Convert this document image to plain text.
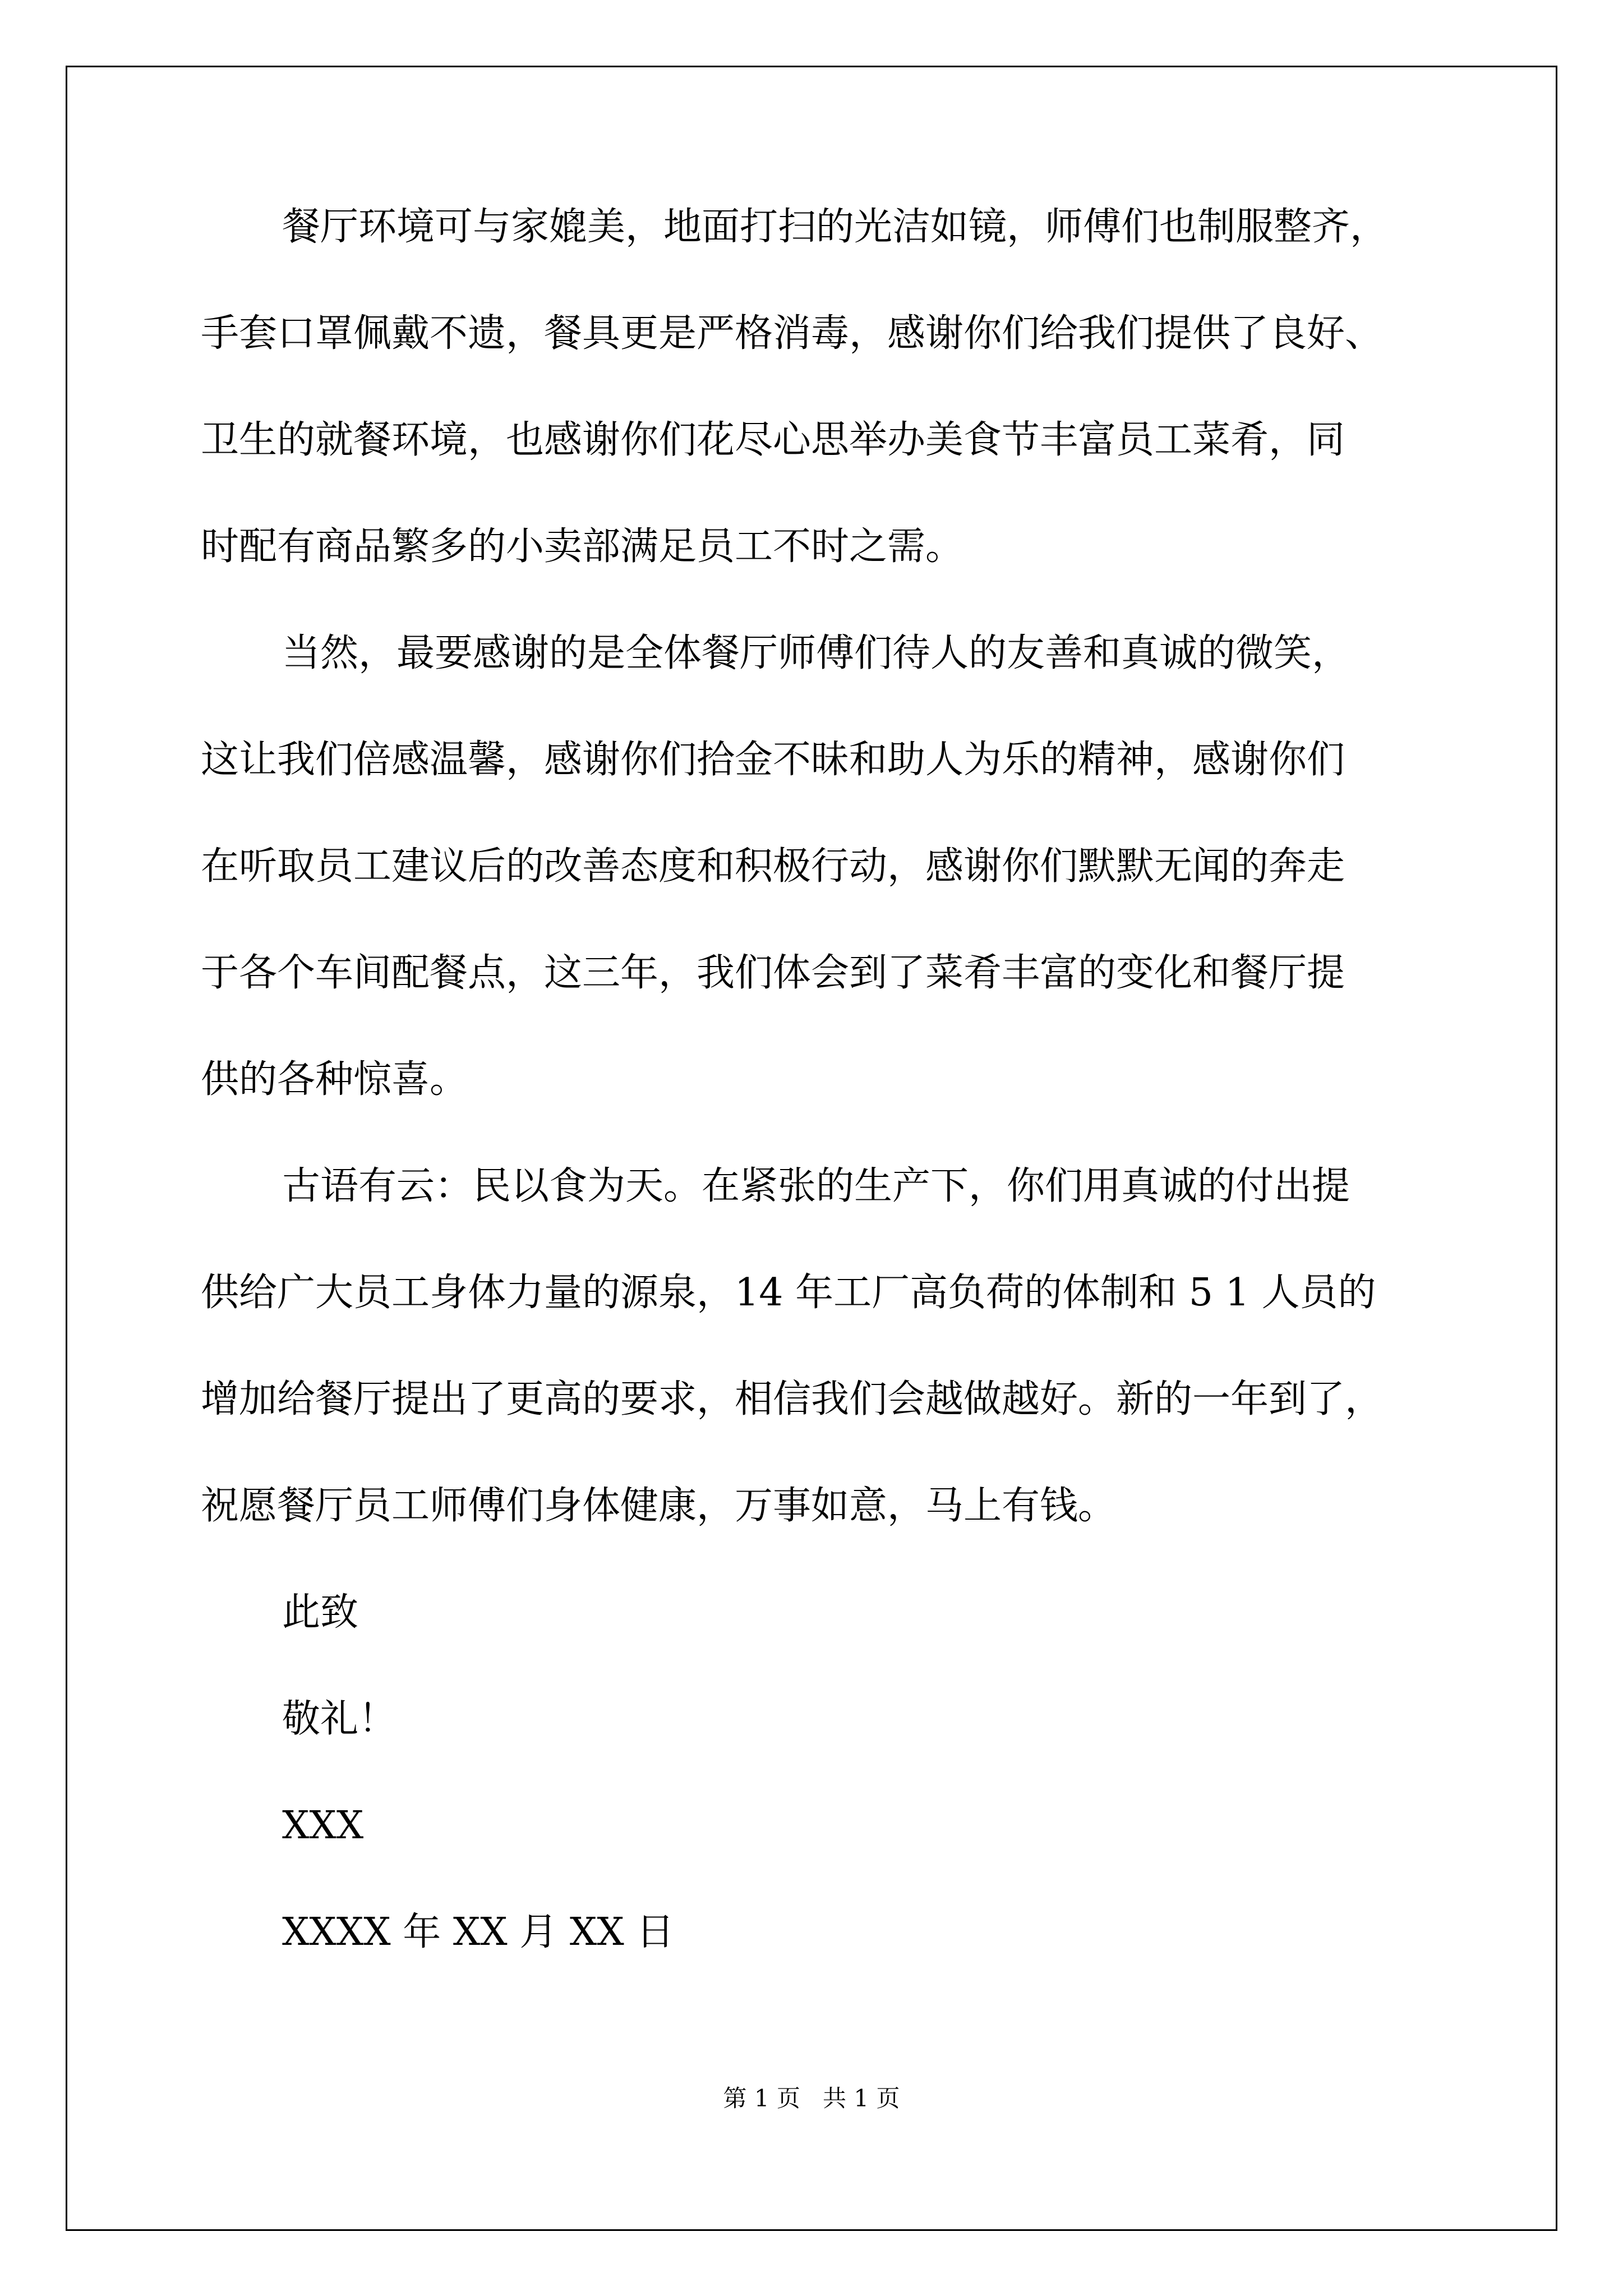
餐厅环境可与家媲美，地面打扫的光洁如镜，师傅们也制服整齐，
手套口罩佩戴不遗，餐具更是严格消毒，感谢你们给我们提供了良好、
卫生的就餐环境，也感谢你们花尽心思举办美食节丰富员工菜肴，同
时配有商品繁多的小卖部满足员工不时之需。
当然，最要感谢的是全体餐厅师傅们待人的友善和真诚的微笑，
这让我们倍感温馨，感谢你们拾金不昧和助人为乐的精神，感谢你们
在听取员工建议后的改善态度和积极行动，感谢你们默默无闻的奔走
于各个车间配餐点，这三年，我们体会到了菜肴丰富的变化和餐厅提
供的各种惊喜。
古语有云：民以食为天。在紧张的生产下，你们用真诚的付出提
供给广大员工身体力量的源泉，14 年工厂高负荷的体制和 5 1 人员的
增加给餐厅提出了更高的要求，相信我们会越做越好。新的一年到了，
祝愿餐厅员工师傅们身体健康，万事如意，马上有钱。
此致
敬礼！
XXX
XXXX 年 XX 月 XX 日
第 1 页 共 1 页
